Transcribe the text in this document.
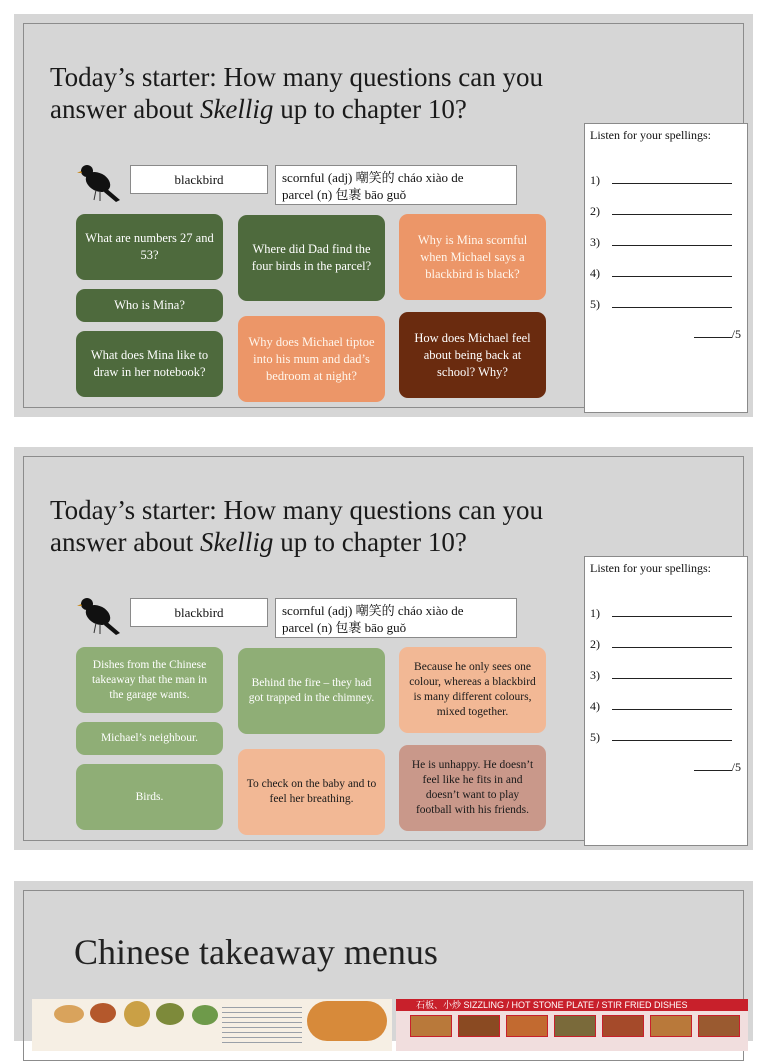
Today’s starter: How many questions can you answer about Skellig up to chapter 10?
blackbird	scornful (adj) 嘲笑的 cháo xiào de
parcel (n) 包裹 bāo guǒ
What are numbers 27 and 53?
Who is Mina?
What does Mina like to draw in her notebook?
Where did Dad find the four birds in the parcel?
Why does Michael tiptoe into his mum and dad’s bedroom at night?
Why is Mina scornful when Michael says a blackbird is black?
How does Michael feel about being back at school? Why?
Listen for your spellings:
1)
2)
3)
4)
5)
/5
Today’s starter: How many questions can you answer about Skellig up to chapter 10?
blackbird	scornful (adj) 嘲笑的 cháo xiào de
parcel (n) 包裹 bāo guǒ
Dishes from the Chinese takeaway that the man in the garage wants.
Michael’s neighbour.
Birds.
Behind the fire – they had got trapped in the chimney.
To check on the baby and to feel her breathing.
Because he only sees one colour, whereas a blackbird is many different colours, mixed together.
He is unhappy. He doesn’t feel like he fits in and doesn’t want to play football with his friends.
Listen for your spellings:
1)
2)
3)
4)
5)
/5
Chinese takeaway menus
石板、小炒 SIZZLING / HOT STONE PLATE / STIR FRIED DISHES
